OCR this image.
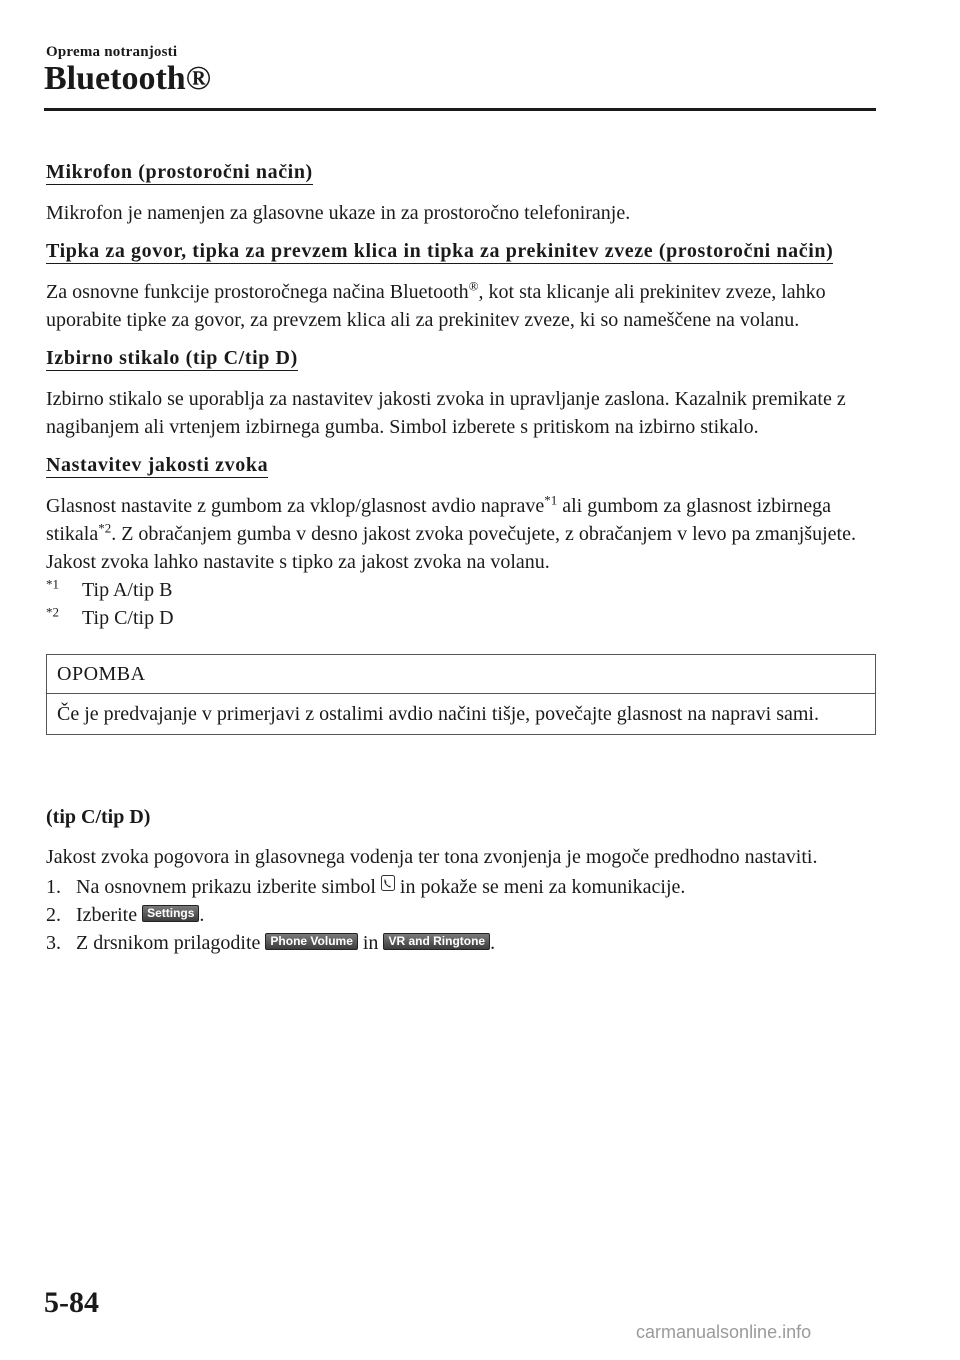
Oprema notranjosti
Bluetooth®
Mikrofon (prostoročni način)

Mikrofon je namenjen za glasovne ukaze in za prostoročno telefoniranje.

Tipka za govor, tipka za prevzem klica in tipka za prekinitev zveze (prostoročni način)

Za osnovne funkcije prostoročnega načina Bluetooth®, kot sta klicanje ali prekinitev zveze, lahko uporabite tipke za govor, za prevzem klica ali za prekinitev zveze, ki so nameščene na volanu.

Izbirno stikalo (tip C/tip D)

Izbirno stikalo se uporablja za nastavitev jakosti zvoka in upravljanje zaslona. Kazalnik premikate z nagibanjem ali vrtenjem izbirnega gumba. Simbol izberete s pritiskom na izbirno stikalo.

Nastavitev jakosti zvoka

Glasnost nastavite z gumbom za vklop/glasnost avdio naprave$^{*1}$ ali gumbom za glasnost izbirnega stikala$^{*2}$. Z obračanjem gumba v desno jakost zvoka povečujete, z obračanjem v levo pa zmanjšujete.

Jakost zvoka lahko nastavite s tipko za jakost zvoka na volanu.

$^{*1}$ Tip A/tip B
$^{*2}$ Tip C/tip D
OPOMBA
Če je predvajanje v primerjavi z ostalimi avdio načini tišje, povečajte glasnost na napravi sami.
(tip C/tip D)

Jakost zvoka pogovora in glasovnega vodenja ter tona zvonjenja je mogoče predhodno nastaviti.

1. Na osnovnem prikazu izberite simbol  in pokaže se meni za komunikacije.
2. Izberite Settings .
3. Z drsnikom prilagodite Phone Volume in VR and Ringtone .
5-84
carmanualsonline.info
